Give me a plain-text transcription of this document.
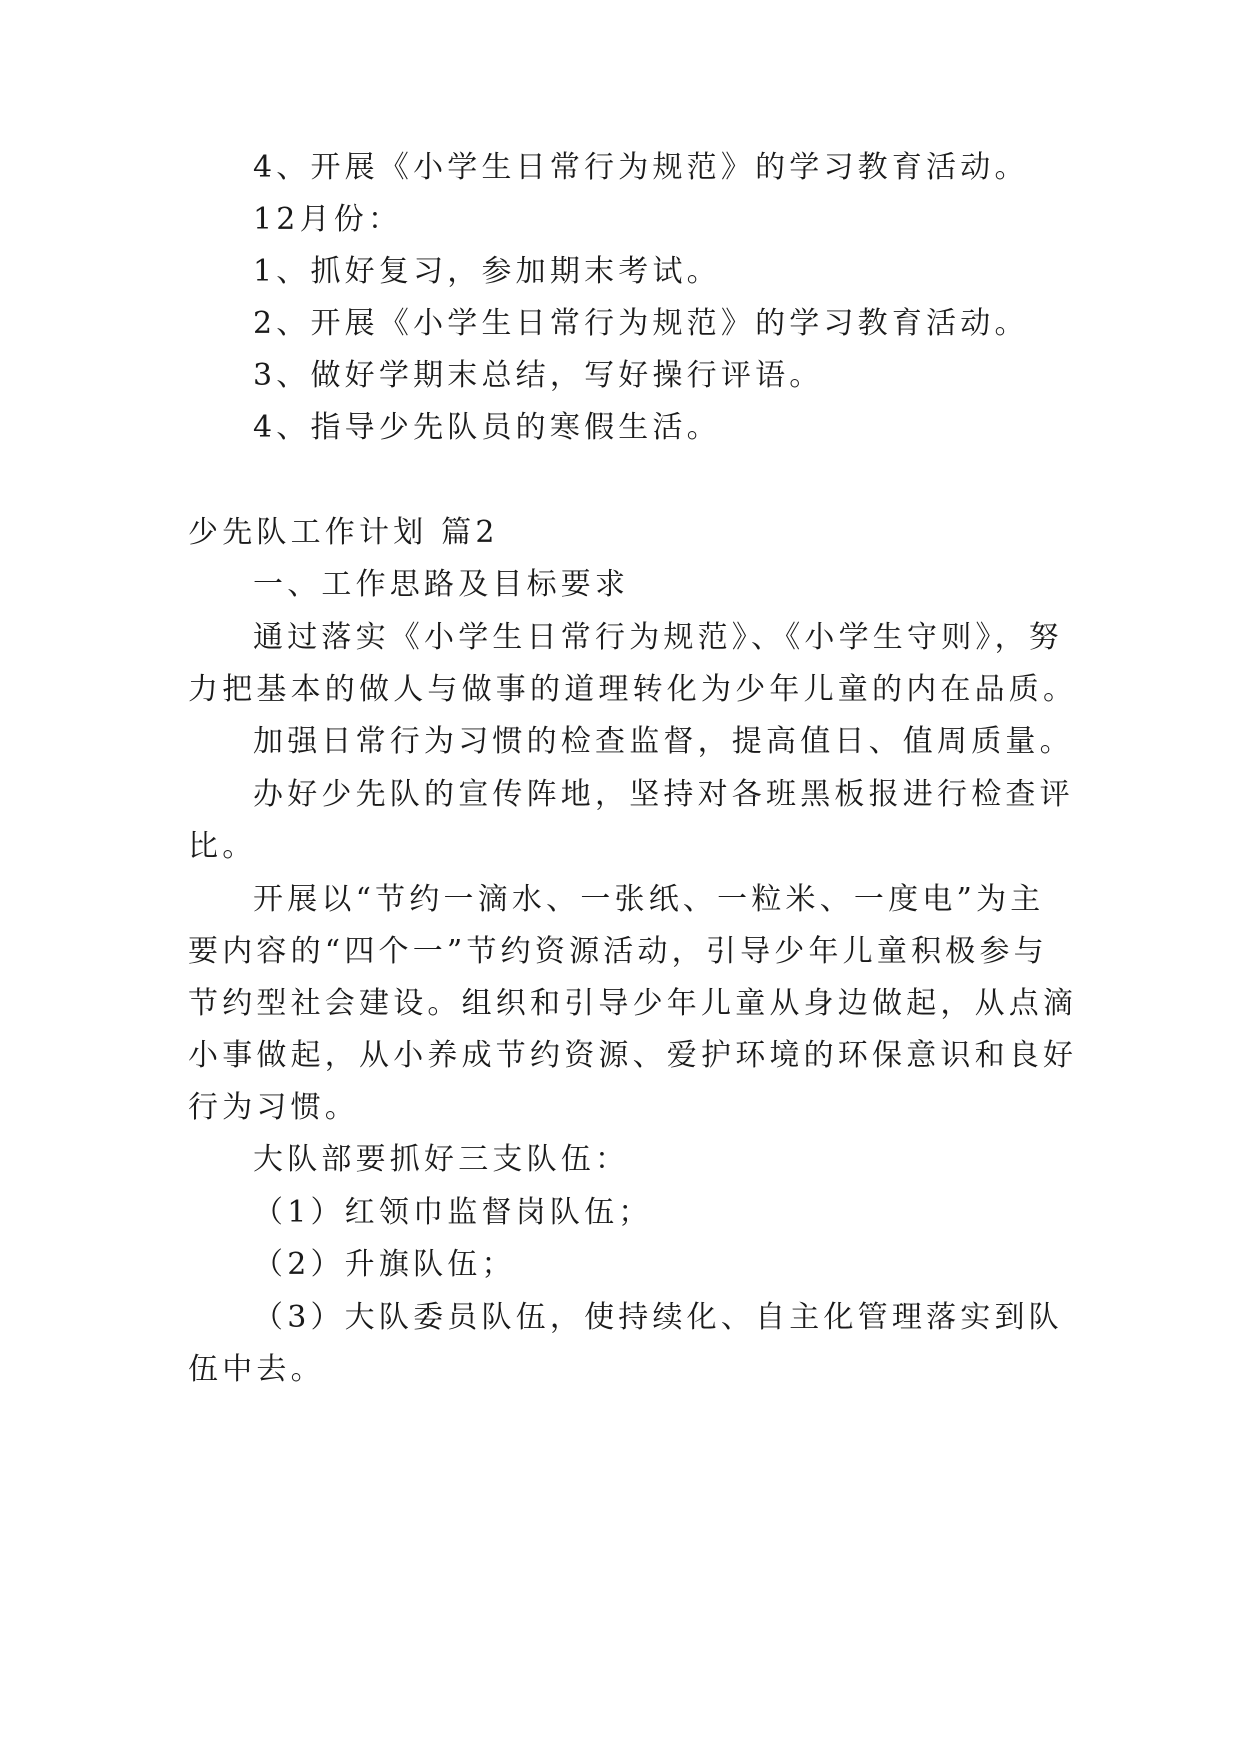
4、开展《小学生日常行为规范》的学习教育活动。
12月份：
1、抓好复习，参加期末考试。
2、开展《小学生日常行为规范》的学习教育活动。
3、做好学期末总结，写好操行评语。
4、指导少先队员的寒假生活。
少先队工作计划 篇2
一、工作思路及目标要求
通过落实《小学生日常行为规范》、《小学生守则》，努
力把基本的做人与做事的道理转化为少年儿童的内在品质。
加强日常行为习惯的检查监督，提高值日、值周质量。
办好少先队的宣传阵地，坚持对各班黑板报进行检查评
比。
开展以“节约一滴水、一张纸、一粒米、一度电”为主
要内容的“四个一”节约资源活动，引导少年儿童积极参与
节约型社会建设。组织和引导少年儿童从身边做起，从点滴
小事做起，从小养成节约资源、爱护环境的环保意识和良好
行为习惯。
大队部要抓好三支队伍：
（1）红领巾监督岗队伍；
（2）升旗队伍；
（3）大队委员队伍，使持续化、自主化管理落实到队
伍中去。
